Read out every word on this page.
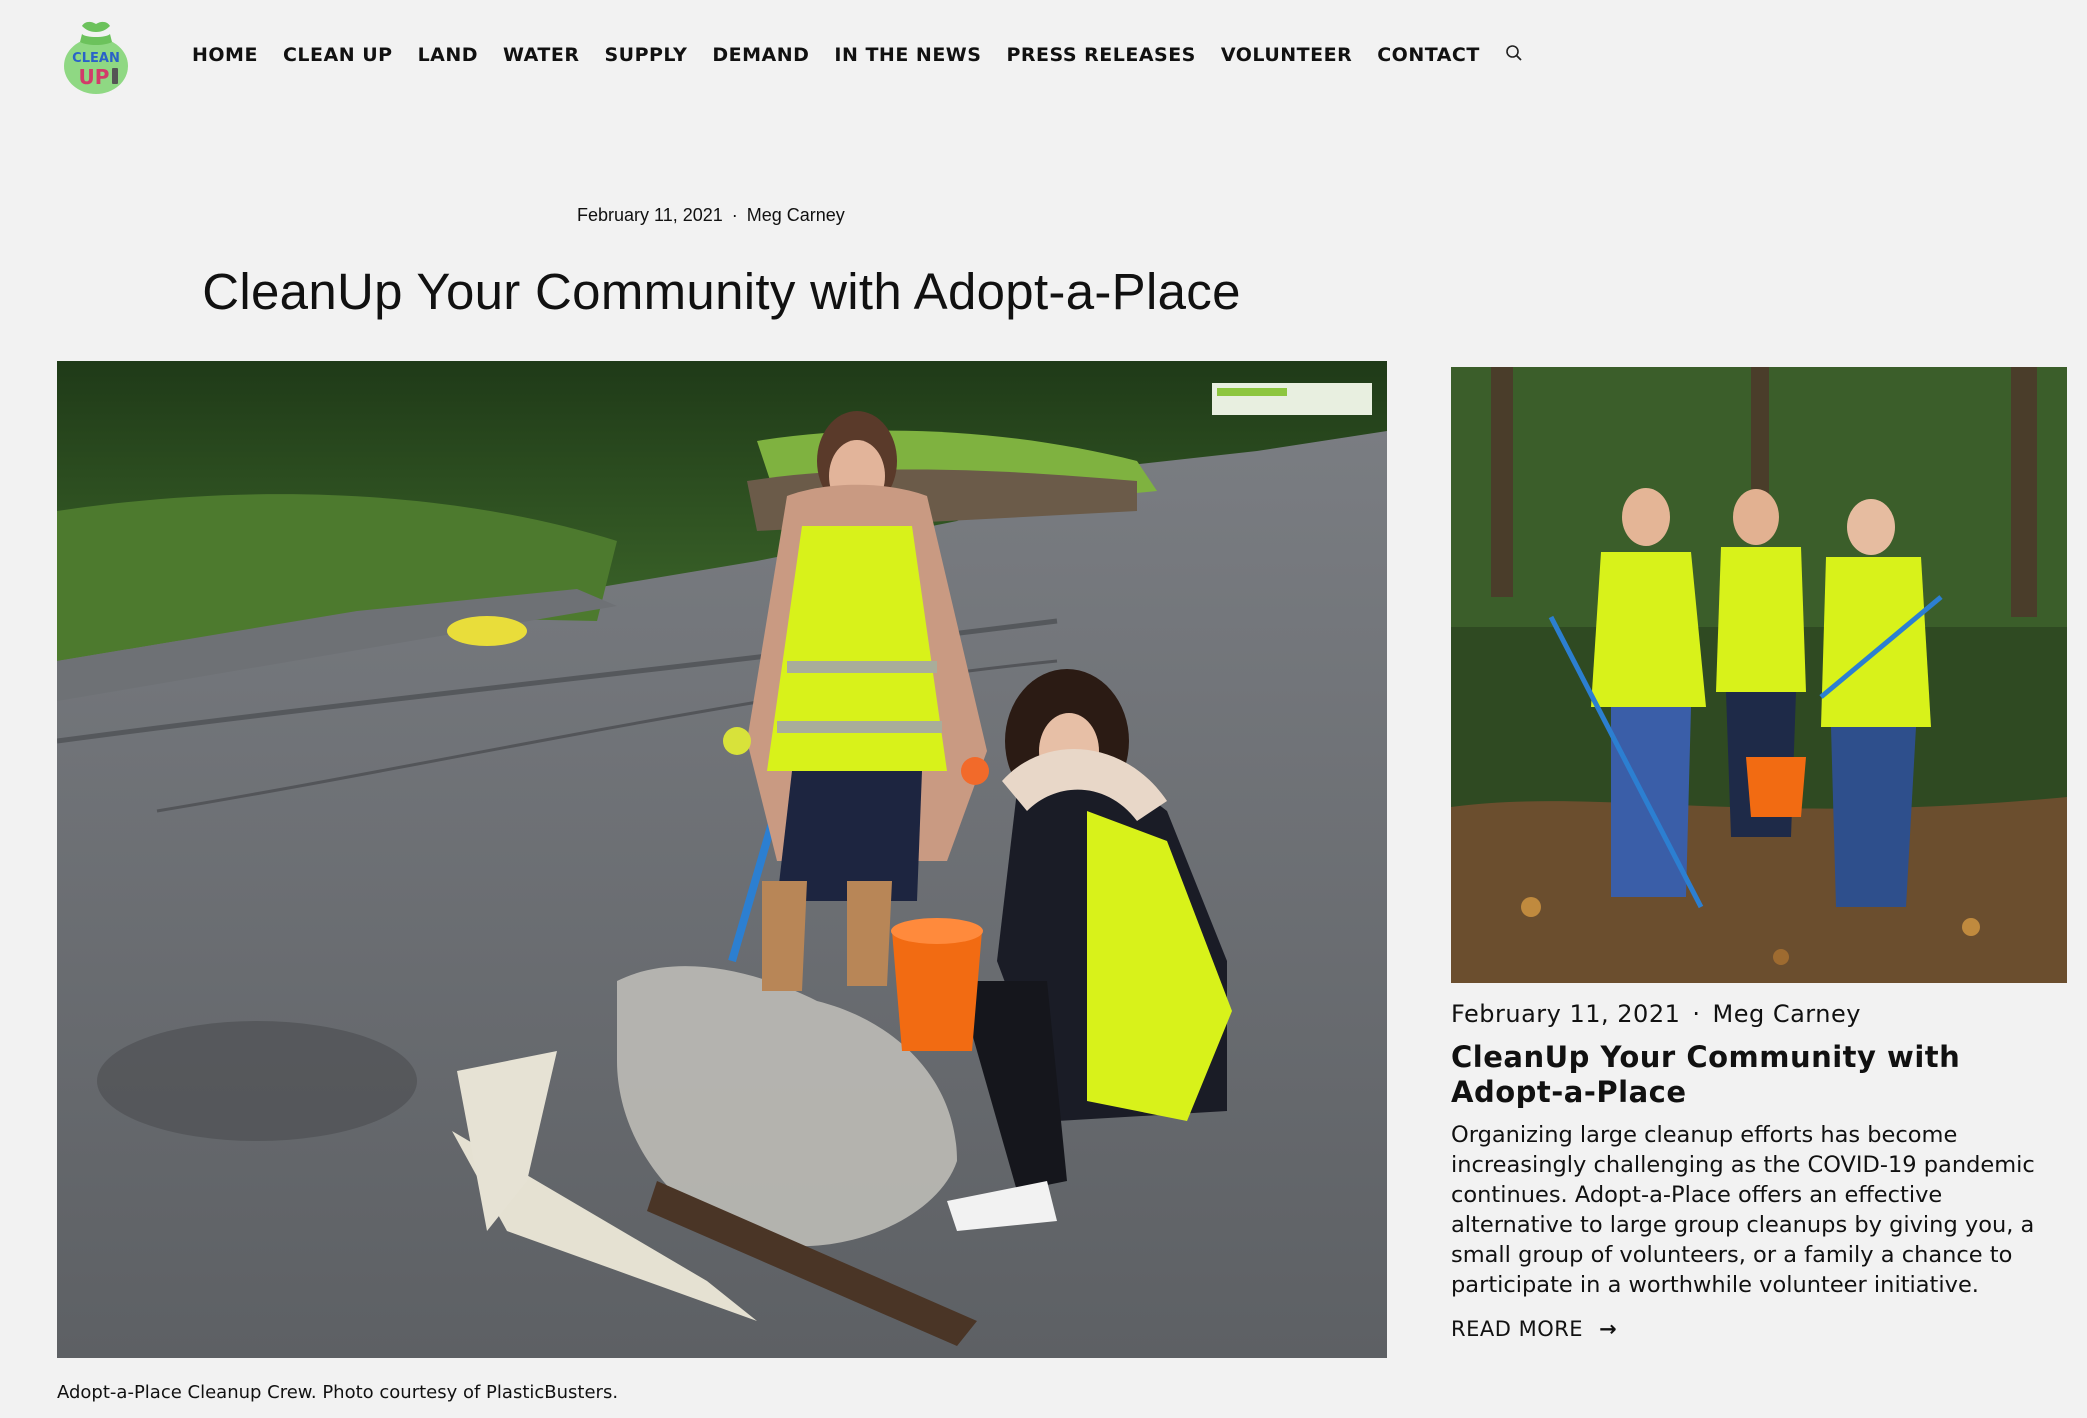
CLEAN
UP
HOME CLEAN UP LAND WATER SUPPLY DEMAND IN THE NEWS PRESS RELEASES VOLUNTEER CONTACT
February 11, 2021 · Meg Carney
CleanUp Your Community with Adopt-a-Place
Adopt-a-Place Cleanup Crew. Photo courtesy of PlasticBusters.
February 11, 2021 · Meg Carney
CleanUp Your Community with Adopt-a-Place
Organizing large cleanup efforts has become increasingly challenging as the COVID-19 pandemic continues. Adopt-a-Place offers an effective alternative to large group cleanups by giving you, a small group of volunteers, or a family a chance to participate in a worthwhile volunteer initiative.
READ MORE →
